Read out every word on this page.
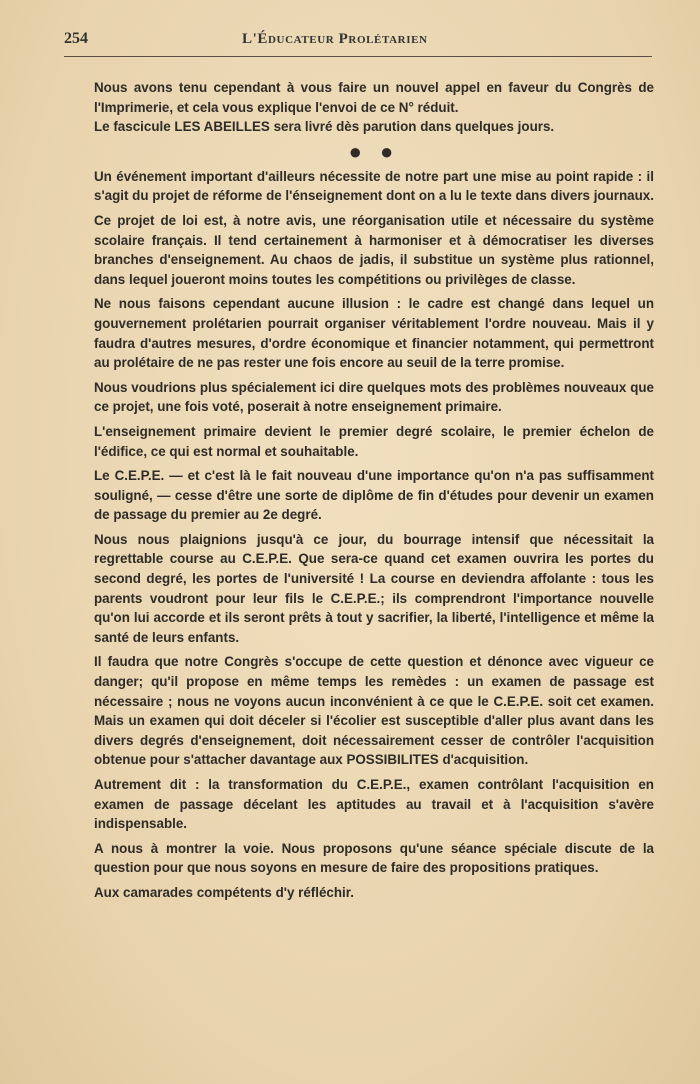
254	L'Éducateur Prolétarien

Nous avons tenu cependant à vous faire un nouvel appel en faveur du Congrès de l'Imprimerie, et cela vous explique l'envoi de ce N° réduit.

Le fascicule LES ABEILLES sera livré dès parution dans quelques jours.

● ●

Un événement important d'ailleurs nécessite de notre part une mise au point rapide : il s'agit du projet de réforme de l'énseignement dont on a lu le texte dans divers journaux.

Ce projet de loi est, à notre avis, une réorganisation utile et nécessaire du système scolaire français. Il tend certainement à harmoniser et à démocratiser les diverses branches d'enseignement. Au chaos de jadis, il substitue un système plus rationnel, dans lequel joueront moins toutes les compétitions ou privilèges de classe.

Ne nous faisons cependant aucune illusion : le cadre est changé dans lequel un gouvernement prolétarien pourrait organiser véritablement l'ordre nouveau. Mais il y faudra d'autres mesures, d'ordre économique et financier notamment, qui permettront au prolétaire de ne pas rester une fois encore au seuil de la terre promise.

Nous voudrions plus spécialement ici dire quelques mots des problèmes nouveaux que ce projet, une fois voté, poserait à notre enseignement primaire.

L'enseignement primaire devient le premier degré scolaire, le premier échelon de l'édifice, ce qui est normal et souhaitable.

Le C.E.P.E. — et c'est là le fait nouveau d'une importance qu'on n'a pas suffisamment souligné, — cesse d'être une sorte de diplôme de fin d'études pour devenir un examen de passage du premier au 2e degré.

Nous nous plaignions jusqu'à ce jour, du bourrage intensif que nécessitait la regrettable course au C.E.P.E. Que sera-ce quand cet examen ouvrira les portes du second degré, les portes de l'université ! La course en deviendra affolante : tous les parents voudront pour leur fils le C.E.P.E.; ils comprendront l'importance nouvelle qu'on lui accorde et ils seront prêts à tout y sacrifier, la liberté, l'intelligence et même la santé de leurs enfants.

Il faudra que notre Congrès s'occupe de cette question et dénonce avec vigueur ce danger; qu'il propose en même temps les remèdes : un examen de passage est nécessaire ; nous ne voyons aucun inconvénient à ce que le C.E.P.E. soit cet examen. Mais un examen qui doit déceler si l'écolier est susceptible d'aller plus avant dans les divers degrés d'enseignement, doit nécessairement cesser de contrôler l'acquisition obtenue pour s'attacher davantage aux POSSIBILITES d'acquisition.

Autrement dit : la transformation du C.E.P.E., examen contrôlant l'acquisition en examen de passage décelant les aptitudes au travail et à l'acquisition s'avère indispensable.

A nous à montrer la voie. Nous proposons qu'une séance spéciale discute de la question pour que nous soyons en mesure de faire des propositions pratiques.

Aux camarades compétents d'y réfléchir.
